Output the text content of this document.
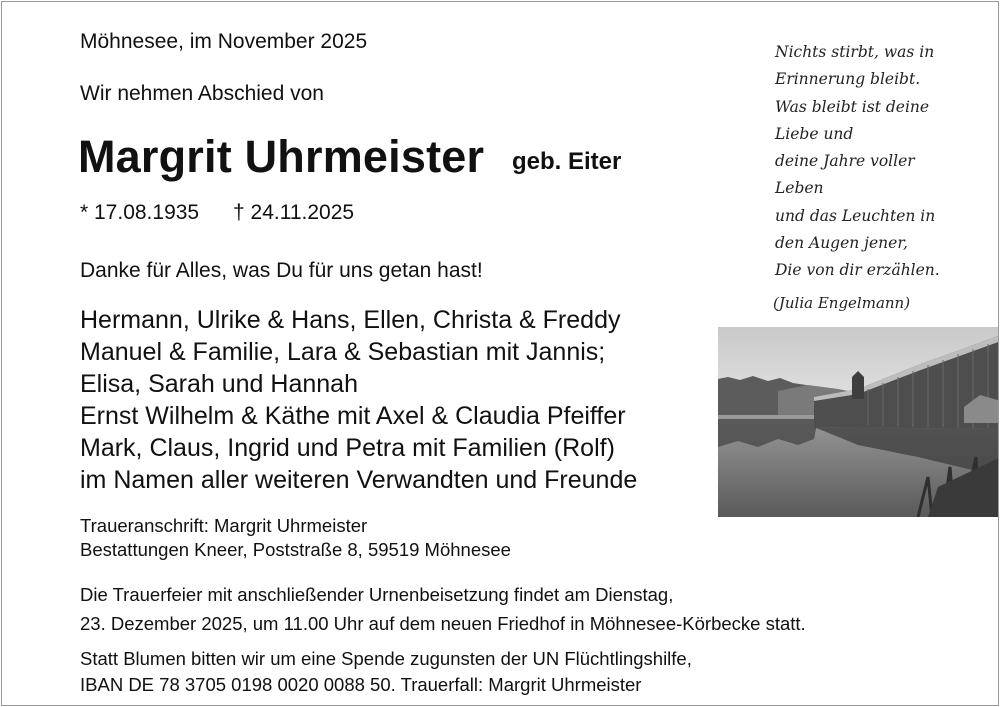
Möhnesee, im November 2025

Wir nehmen Abschied von

Margrit Uhrmeister geb. Eiter
* 17.08.1935 † 24.11.2025

Danke für Alles, was Du für uns getan hast!

Hermann, Ulrike & Hans, Ellen, Christa & Freddy
Manuel & Familie, Lara & Sebastian mit Jannis;
Elisa, Sarah und Hannah
Ernst Wilhelm & Käthe mit Axel & Claudia Pfeiffer
Mark, Claus, Ingrid und Petra mit Familien (Rolf)
im Namen aller weiteren Verwandten und Freunde
Traueranschrift: Margrit Uhrmeister
Bestattungen Kneer, Poststraße 8, 59519 Möhnesee
Die Trauerfeier mit anschließender Urnenbeisetzung findet am Dienstag,
23. Dezember 2025, um 11.00 Uhr auf dem neuen Friedhof in Möhnesee-Körbecke statt.
Statt Blumen bitten wir um eine Spende zugunsten der UN Flüchtlingshilfe,
IBAN DE 78 3705 0198 0020 0088 50. Trauerfall: Margrit Uhrmeister
Nichts stirbt, was in
Erinnerung bleibt.
Was bleibt ist deine
Liebe und
deine Jahre voller
Leben
und das Leuchten in
den Augen jener,
Die von dir erzählen.
(Julia Engelmann)
